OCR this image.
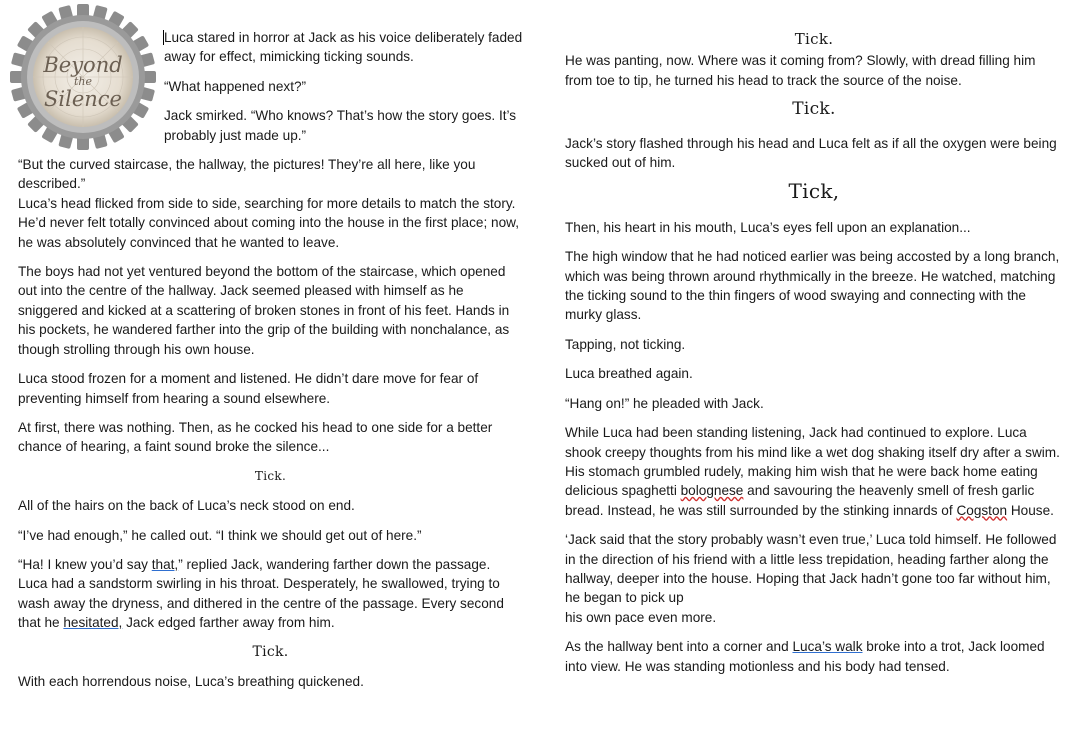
Beyond
the
Silence

Luca stared in horror at Jack as his voice deliberately faded away for effect, mimicking ticking sounds.

“What happened next?”

Jack smirked. “Who knows? That’s how the story goes. It’s probably just made up.”

“But the curved staircase, the hallway, the pictures! They’re all here, like you described.”

Luca’s head flicked from side to side, searching for more details to match the story. He’d never felt totally convinced about coming into the house in the first place; now, he was absolutely convinced that he wanted to leave.

The boys had not yet ventured beyond the bottom of the staircase, which opened out into the centre of the hallway. Jack seemed pleased with himself as he sniggered and kicked at a scattering of broken stones in front of his feet. Hands in his pockets, he wandered farther into the grip of the building with nonchalance, as though strolling through his own house.

Luca stood frozen for a moment and listened. He didn’t dare move for fear of preventing himself from hearing a sound elsewhere.

At first, there was nothing. Then, as he cocked his head to one side for a better chance of hearing, a faint sound broke the silence...

Tick.

All of the hairs on the back of Luca’s neck stood on end.

“I’ve had enough,” he called out. “I think we should get out of here.”

“Ha! I knew you’d say that,” replied Jack, wandering farther down the passage.

Luca had a sandstorm swirling in his throat. Desperately, he swallowed, trying to wash away the dryness, and dithered in the centre of the passage. Every second that he hesitated, Jack edged farther away from him.

Tick.

With each horrendous noise, Luca’s breathing quickened.

Tick.

He was panting, now. Where was it coming from? Slowly, with dread filling him from toe to tip, he turned his head to track the source of the noise.

Tick.

Jack’s story flashed through his head and Luca felt as if all the oxygen were being sucked out of him.

Tick,

Then, his heart in his mouth, Luca’s eyes fell upon an explanation...

The high window that he had noticed earlier was being accosted by a long branch, which was being thrown around rhythmically in the breeze. He watched, matching the ticking sound to the thin fingers of wood swaying and connecting with the murky glass.

Tapping, not ticking.

Luca breathed again.

“Hang on!” he pleaded with Jack.

While Luca had been standing listening, Jack had continued to explore. Luca shook creepy thoughts from his mind like a wet dog shaking itself dry after a swim. His stomach grumbled rudely, making him wish that he were back home eating delicious spaghetti bolognese and savouring the heavenly smell of fresh garlic bread. Instead, he was still surrounded by the stinking innards of Cogston House.

‘Jack said that the story probably wasn’t even true,’ Luca told himself. He followed in the direction of his friend with a little less trepidation, heading farther along the hallway, deeper into the house. Hoping that Jack hadn’t gone too far without him, he began to pick up

his own pace even more.

As the hallway bent into a corner and Luca’s walk broke into a trot, Jack loomed into view. He was standing motionless and his body had tensed.
